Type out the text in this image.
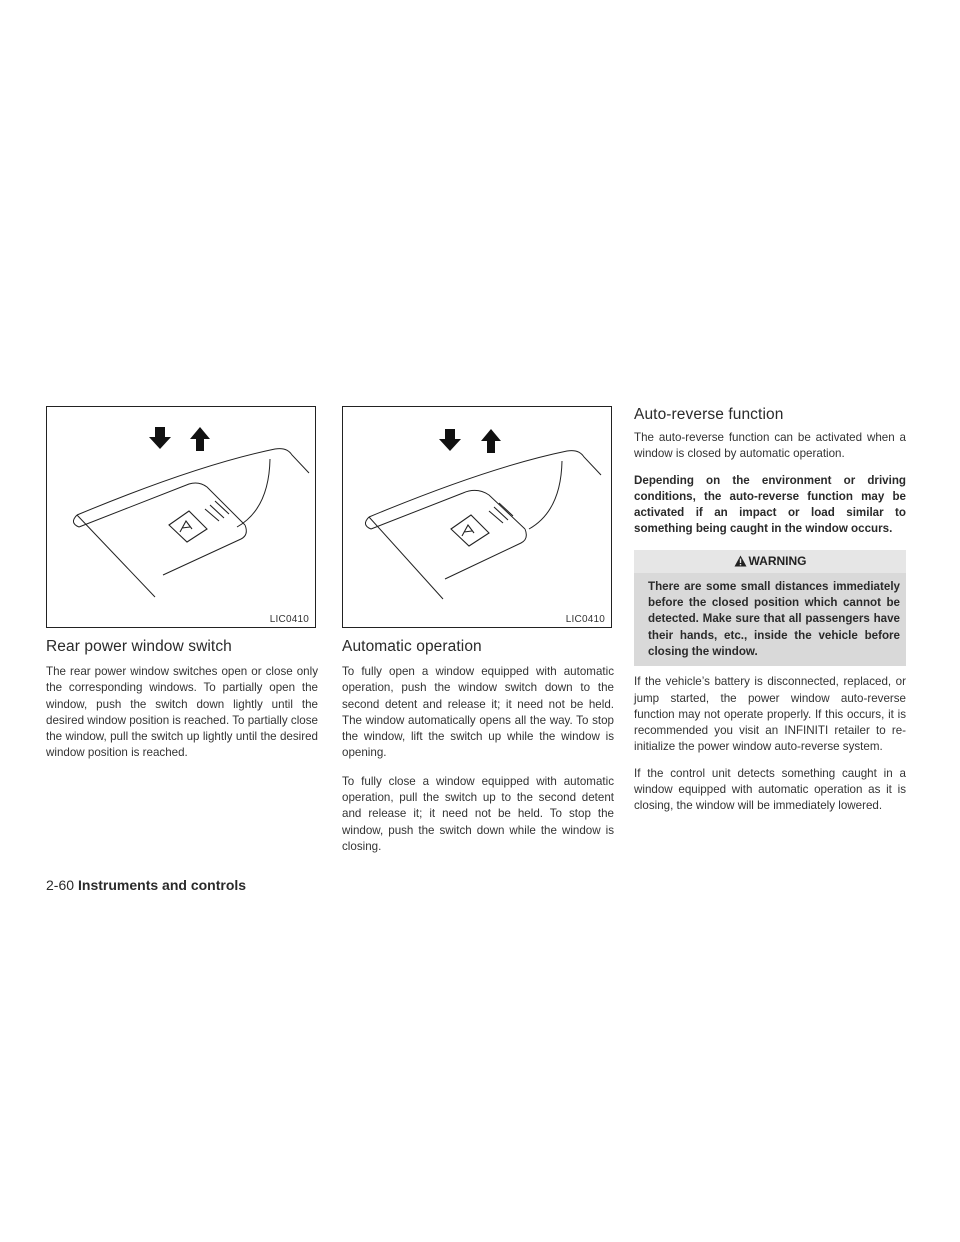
LIC0410
Rear power window switch

The rear power window switches open or close only the corresponding windows. To partially open the window, push the switch down lightly until the desired window position is reached. To partially close the window, pull the switch up lightly until the desired window position is reached.

LIC0410
Automatic operation

To fully open a window equipped with automatic operation, push the window switch down to the second detent and release it; it need not be held. The window automatically opens all the way. To stop the window, lift the switch up while the window is opening.

To fully close a window equipped with automatic operation, pull the switch up to the second detent and release it; it need not be held. To stop the window, push the switch down while the window is closing.

Auto-reverse function

The auto-reverse function can be activated when a window is closed by automatic operation.

Depending on the environment or driving conditions, the auto-reverse function may be activated if an impact or load similar to something being caught in the window occurs.

WARNING
There are some small distances immediately before the closed position which cannot be detected. Make sure that all passengers have their hands, etc., inside the vehicle before closing the window.

If the vehicle’s battery is disconnected, replaced, or jump started, the power window auto-reverse function may not operate properly. If this occurs, it is recommended you visit an INFINITI retailer to re-initialize the power window auto-reverse system.

If the control unit detects something caught in a window equipped with automatic operation as it is closing, the window will be immediately lowered.

2-60 Instruments and controls
